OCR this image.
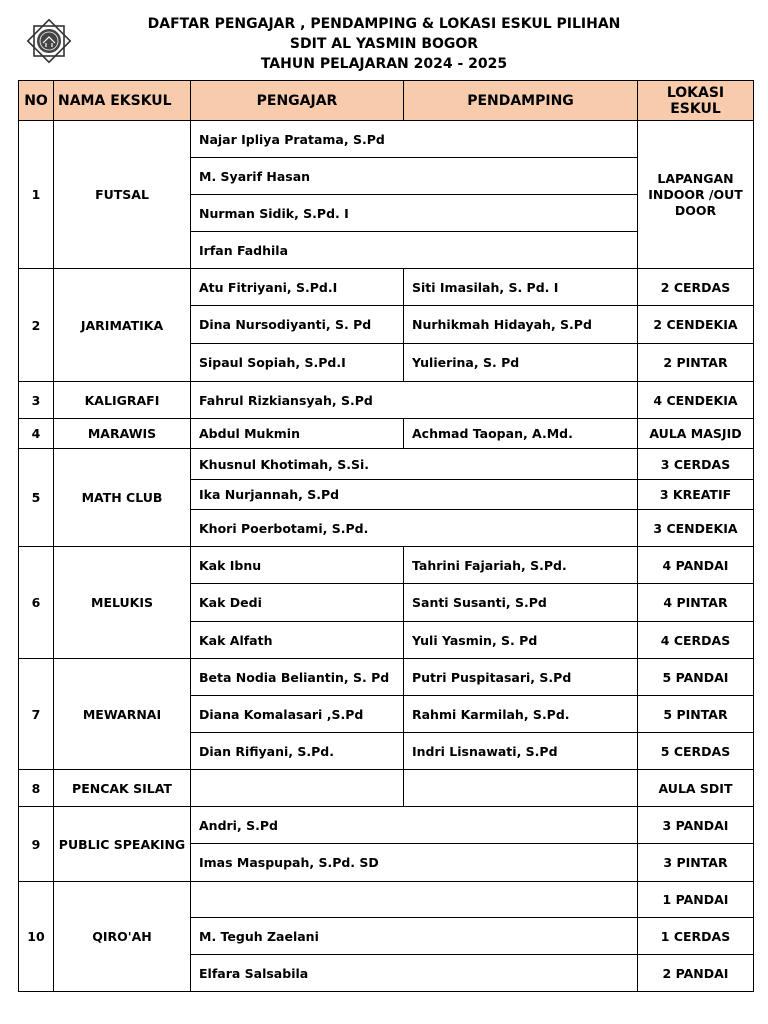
DAFTAR PENGAJAR , PENDAMPING & LOKASI ESKUL PILIHAN
SDIT AL YASMIN BOGOR
TAHUN PELAJARAN 2024 - 2025
NO	NAMA EKSKUL	PENGAJAR	PENDAMPING	LOKASI ESKUL
1	FUTSAL	Najar Ipliya Pratama, S.Pd		LAPANGAN INDOOR /OUT DOOR
		M. Syarif Hasan		
		Nurman Sidik, S.Pd. I		
		Irfan Fadhila		
2	JARIMATIKA	Atu Fitriyani, S.Pd.I	Siti Imasilah, S. Pd. I	2 CERDAS
		Dina Nursodiyanti, S. Pd	Nurhikmah Hidayah, S.Pd	2 CENDEKIA
		Sipaul Sopiah, S.Pd.I	Yulierina, S. Pd	2 PINTAR
3	KALIGRAFI	Fahrul Rizkiansyah, S.Pd		4 CENDEKIA
4	MARAWIS	Abdul Mukmin	Achmad Taopan, A.Md.	AULA MASJID
5	MATH CLUB	Khusnul Khotimah, S.Si.		3 CERDAS
		Ika Nurjannah, S.Pd		3 KREATIF
		Khori Poerbotami, S.Pd.		3 CENDEKIA
6	MELUKIS	Kak Ibnu	Tahrini Fajariah, S.Pd.	4 PANDAI
		Kak Dedi	Santi Susanti, S.Pd	4 PINTAR
		Kak Alfath	Yuli Yasmin, S. Pd	4 CERDAS
7	MEWARNAI	Beta Nodia Beliantin, S. Pd	Putri Puspitasari, S.Pd	5 PANDAI
		Diana Komalasari ,S.Pd	Rahmi Karmilah, S.Pd.	5 PINTAR
		Dian Rifiyani, S.Pd.	Indri Lisnawati, S.Pd	5 CERDAS
8	PENCAK SILAT			AULA SDIT
9	PUBLIC SPEAKING	Andri, S.Pd		3 PANDAI
		Imas Maspupah, S.Pd. SD		3 PINTAR
10	QIRO'AH			1 PANDAI
		M. Teguh Zaelani		1 CERDAS
		Elfara Salsabila		2 PANDAI
